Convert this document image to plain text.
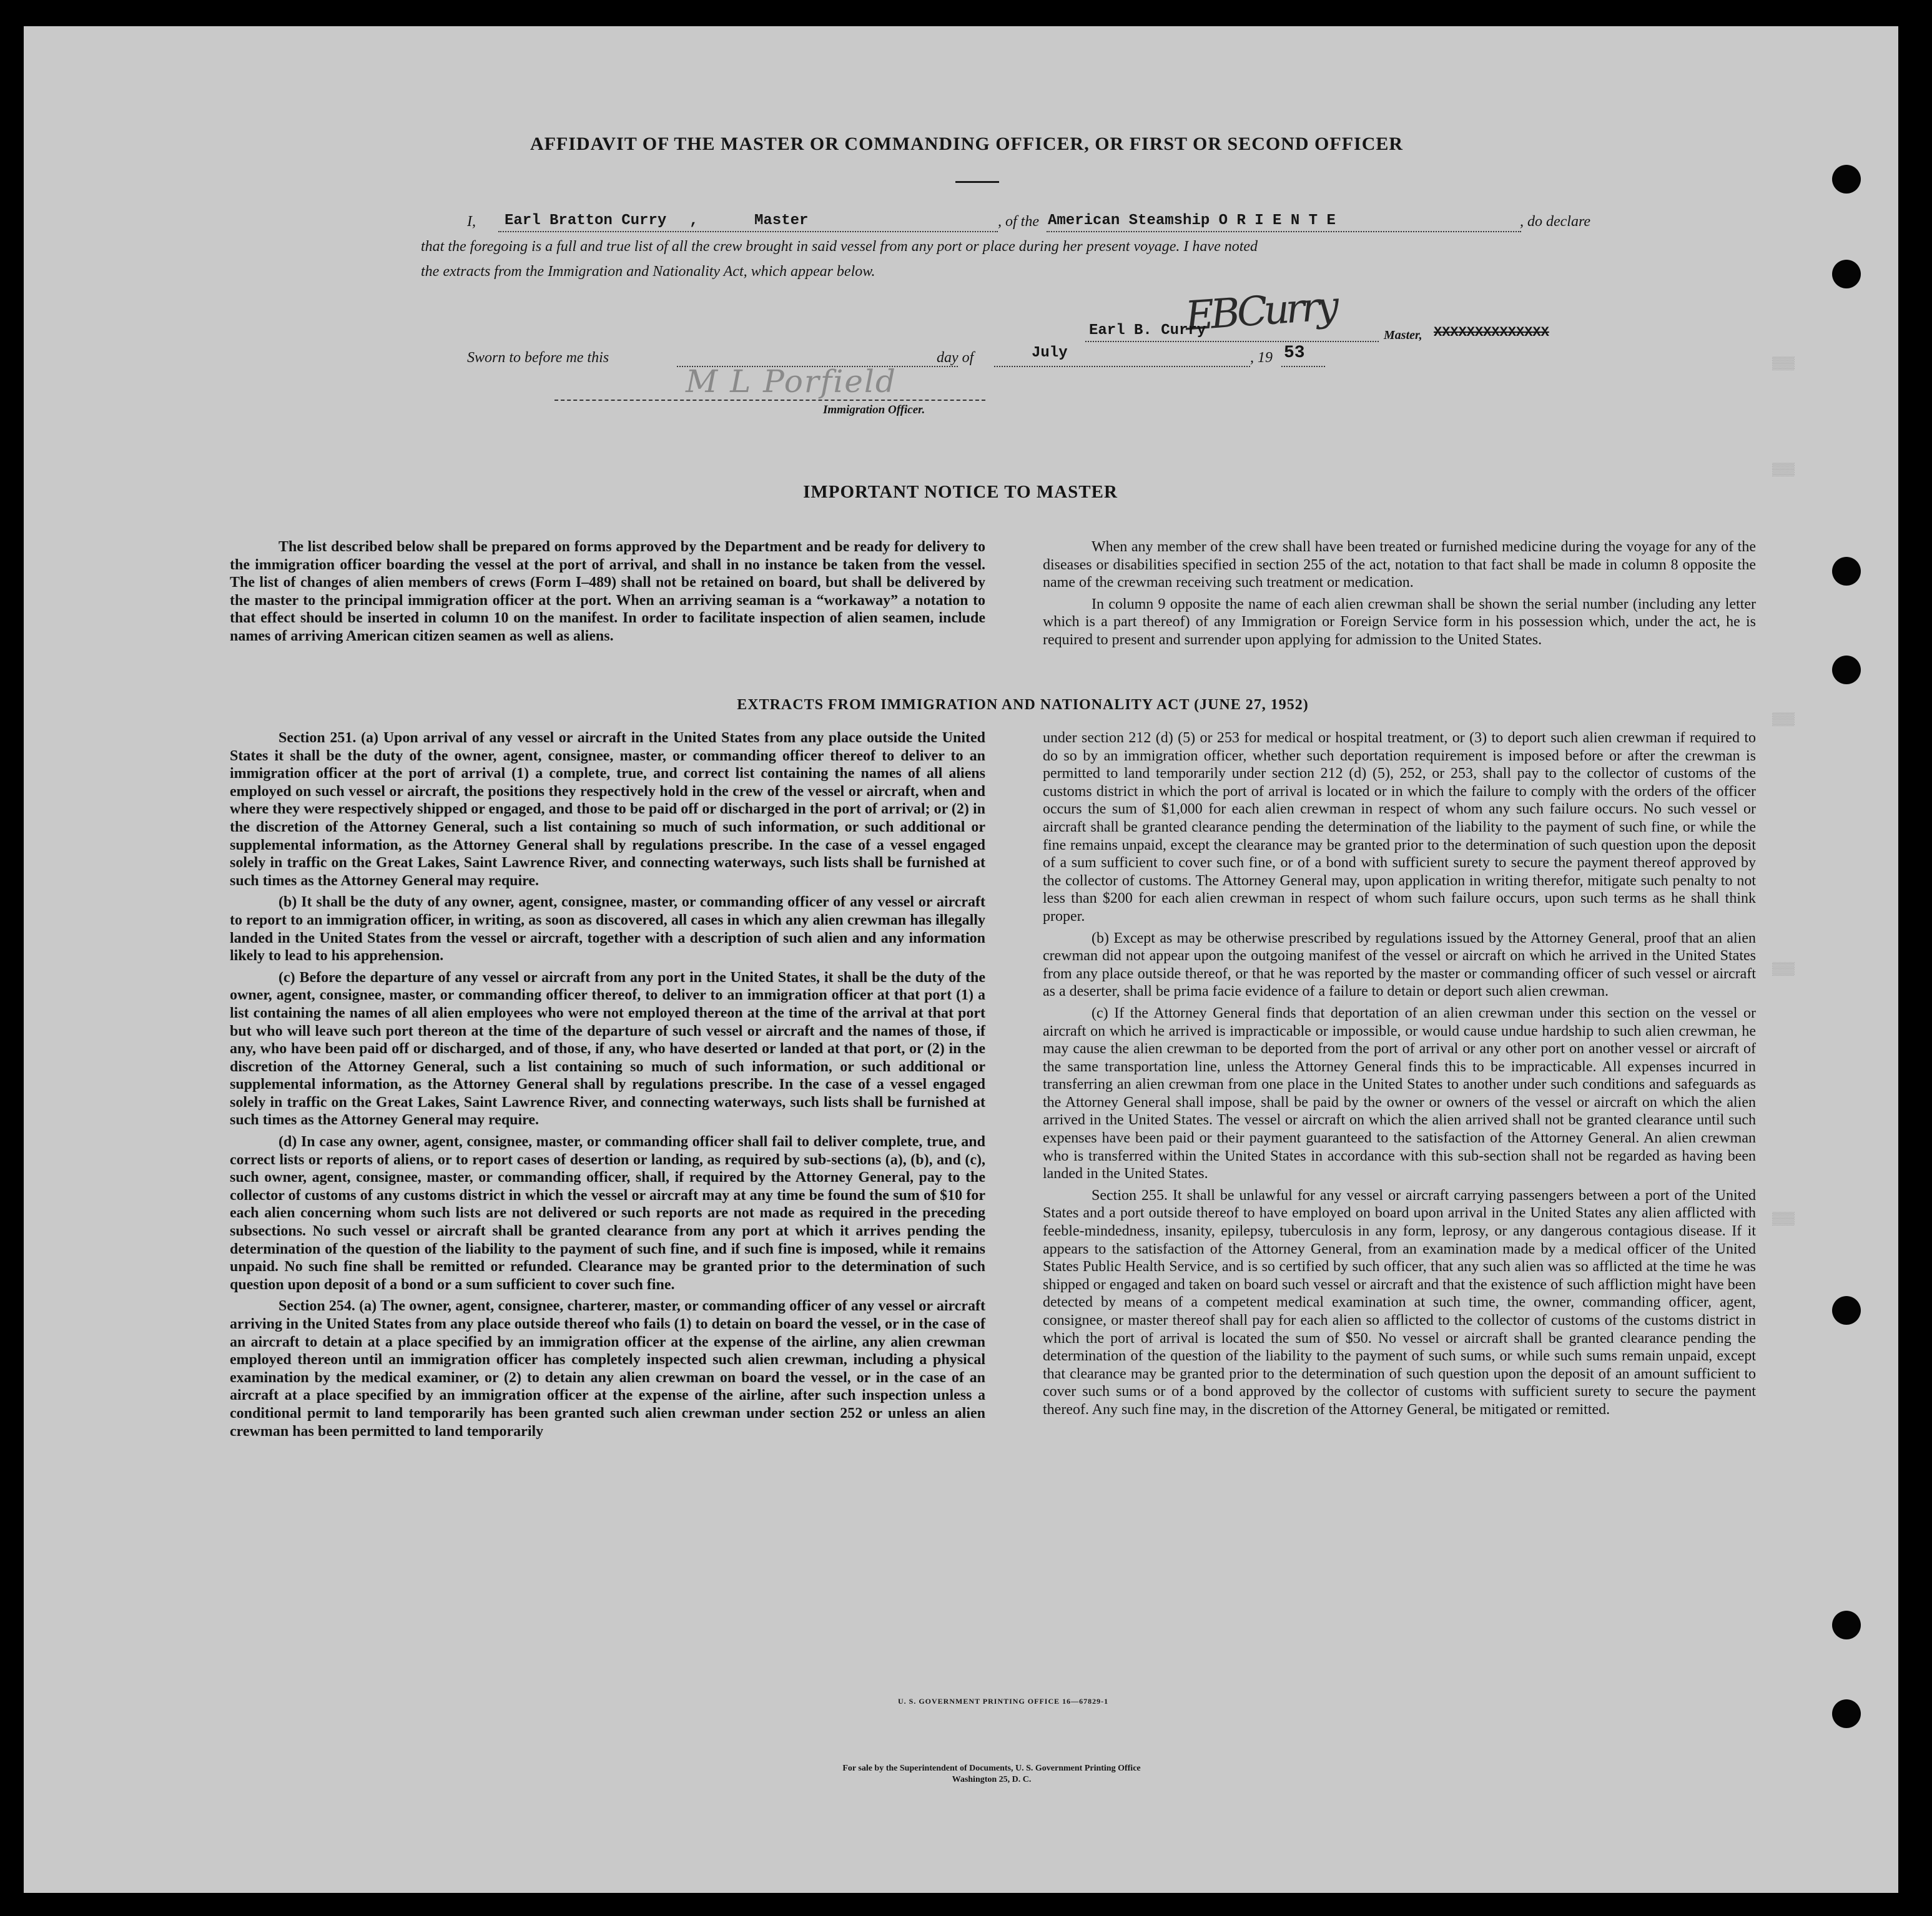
▒▒▒
▒▒▒
▒▒▒
▒▒▒
▒▒▒
AFFIDAVIT OF THE MASTER OR COMMANDING OFFICER, OR FIRST OR SECOND OFFICER
I, Earl Bratton Curry ,	Master	, of the American Steamship O R I E N T E	, do declare
that the foregoing is a full and true list of all the crew brought in said vessel from any port or place during her present voyage. I have noted
the extracts from the Immigration and Nationality Act, which appear below.
EBCurry
Earl B. Curry	Master, XXXXXXXXXXXXXX
Sworn to before me this	day of	July	, 19 53
M L Porfield
Immigration Officer.
IMPORTANT NOTICE TO MASTER

The list described below shall be prepared on forms approved by the Department and be ready for delivery to the immigration officer boarding the vessel at the port of arrival, and shall in no instance be taken from the vessel. The list of changes of alien members of crews (Form I–489) shall not be retained on board, but shall be delivered by the master to the principal immigration officer at the port. When an arriving seaman is a “workaway” a notation to that effect should be inserted in column 10 on the manifest. In order to facilitate inspection of alien seamen, include names of arriving American citizen seamen as well as aliens.

When any member of the crew shall have been treated or furnished medicine during the voyage for any of the diseases or disabilities specified in section 255 of the act, notation to that fact shall be made in column 8 opposite the name of the crewman receiving such treatment or medication.

In column 9 opposite the name of each alien crewman shall be shown the serial number (including any letter which is a part thereof) of any Immigration or Foreign Service form in his possession which, under the act, he is required to present and surrender upon applying for admission to the United States.

EXTRACTS FROM IMMIGRATION AND NATIONALITY ACT (JUNE 27, 1952)

Section 251. (a) Upon arrival of any vessel or aircraft in the United States from any place outside the United States it shall be the duty of the owner, agent, consignee, master, or commanding officer thereof to deliver to an immigration officer at the port of arrival (1) a complete, true, and correct list containing the names of all aliens employed on such vessel or aircraft, the positions they respectively hold in the crew of the vessel or aircraft, when and where they were respectively shipped or engaged, and those to be paid off or discharged in the port of arrival; or (2) in the discretion of the Attorney General, such a list containing so much of such information, or such additional or supplemental information, as the Attorney General shall by regulations prescribe. In the case of a vessel engaged solely in traffic on the Great Lakes, Saint Lawrence River, and connecting waterways, such lists shall be furnished at such times as the Attorney General may require.

(b) It shall be the duty of any owner, agent, consignee, master, or commanding officer of any vessel or aircraft to report to an immigration officer, in writing, as soon as discovered, all cases in which any alien crewman has illegally landed in the United States from the vessel or aircraft, together with a description of such alien and any information likely to lead to his apprehension.

(c) Before the departure of any vessel or aircraft from any port in the United States, it shall be the duty of the owner, agent, consignee, master, or commanding officer thereof, to deliver to an immigration officer at that port (1) a list containing the names of all alien employees who were not employed thereon at the time of the arrival at that port but who will leave such port thereon at the time of the departure of such vessel or aircraft and the names of those, if any, who have been paid off or discharged, and of those, if any, who have deserted or landed at that port, or (2) in the discretion of the Attorney General, such a list containing so much of such information, or such additional or supplemental information, as the Attorney General shall by regulations prescribe. In the case of a vessel engaged solely in traffic on the Great Lakes, Saint Lawrence River, and connecting waterways, such lists shall be furnished at such times as the Attorney General may require.

(d) In case any owner, agent, consignee, master, or commanding officer shall fail to deliver complete, true, and correct lists or reports of aliens, or to report cases of desertion or landing, as required by sub-sections (a), (b), and (c), such owner, agent, consignee, master, or commanding officer, shall, if required by the Attorney General, pay to the collector of customs of any customs district in which the vessel or aircraft may at any time be found the sum of $10 for each alien concerning whom such lists are not delivered or such reports are not made as required in the preceding subsections. No such vessel or aircraft shall be granted clearance from any port at which it arrives pending the determination of the question of the liability to the payment of such fine, and if such fine is imposed, while it remains unpaid. No such fine shall be remitted or refunded. Clearance may be granted prior to the determination of such question upon deposit of a bond or a sum sufficient to cover such fine.

Section 254. (a) The owner, agent, consignee, charterer, master, or commanding officer of any vessel or aircraft arriving in the United States from any place outside thereof who fails (1) to detain on board the vessel, or in the case of an aircraft to detain at a place specified by an immigration officer at the expense of the airline, any alien crewman employed thereon until an immigration officer has completely inspected such alien crewman, including a physical examination by the medical examiner, or (2) to detain any alien crewman on board the vessel, or in the case of an aircraft at a place specified by an immigration officer at the expense of the airline, after such inspection unless a conditional permit to land temporarily has been granted such alien crewman under section 252 or unless an alien crewman has been permitted to land temporarily

under section 212 (d) (5) or 253 for medical or hospital treatment, or (3) to deport such alien crewman if required to do so by an immigration officer, whether such deportation requirement is imposed before or after the crewman is permitted to land temporarily under section 212 (d) (5), 252, or 253, shall pay to the collector of customs of the customs district in which the port of arrival is located or in which the failure to comply with the orders of the officer occurs the sum of $1,000 for each alien crewman in respect of whom any such failure occurs. No such vessel or aircraft shall be granted clearance pending the determination of the liability to the payment of such fine, or while the fine remains unpaid, except the clearance may be granted prior to the determination of such question upon the deposit of a sum sufficient to cover such fine, or of a bond with sufficient surety to secure the payment thereof approved by the collector of customs. The Attorney General may, upon application in writing therefor, mitigate such penalty to not less than $200 for each alien crewman in respect of whom such failure occurs, upon such terms as he shall think proper.

(b) Except as may be otherwise prescribed by regulations issued by the Attorney General, proof that an alien crewman did not appear upon the outgoing manifest of the vessel or aircraft on which he arrived in the United States from any place outside thereof, or that he was reported by the master or commanding officer of such vessel or aircraft as a deserter, shall be prima facie evidence of a failure to detain or deport such alien crewman.

(c) If the Attorney General finds that deportation of an alien crewman under this section on the vessel or aircraft on which he arrived is impracticable or impossible, or would cause undue hardship to such alien crewman, he may cause the alien crewman to be deported from the port of arrival or any other port on another vessel or aircraft of the same transportation line, unless the Attorney General finds this to be impracticable. All expenses incurred in transferring an alien crewman from one place in the United States to another under such conditions and safeguards as the Attorney General shall impose, shall be paid by the owner or owners of the vessel or aircraft on which the alien arrived in the United States. The vessel or aircraft on which the alien arrived shall not be granted clearance until such expenses have been paid or their payment guaranteed to the satisfaction of the Attorney General. An alien crewman who is transferred within the United States in accordance with this sub-section shall not be regarded as having been landed in the United States.

Section 255. It shall be unlawful for any vessel or aircraft carrying passengers between a port of the United States and a port outside thereof to have employed on board upon arrival in the United States any alien afflicted with feeble-mindedness, insanity, epilepsy, tuberculosis in any form, leprosy, or any dangerous contagious disease. If it appears to the satisfaction of the Attorney General, from an examination made by a medical officer of the United States Public Health Service, and is so certified by such officer, that any such alien was so afflicted at the time he was shipped or engaged and taken on board such vessel or aircraft and that the existence of such affliction might have been detected by means of a competent medical examination at such time, the owner, commanding officer, agent, consignee, or master thereof shall pay for each alien so afflicted to the collector of customs of the customs district in which the port of arrival is located the sum of $50. No vessel or aircraft shall be granted clearance pending the determination of the question of the liability to the payment of such sums, or while such sums remain unpaid, except that clearance may be granted prior to the determination of such question upon the deposit of an amount sufficient to cover such sums or of a bond approved by the collector of customs with sufficient surety to secure the payment thereof. Any such fine may, in the discretion of the Attorney General, be mitigated or remitted.

U. S. GOVERNMENT PRINTING OFFICE 16—67829-1
For sale by the Superintendent of Documents, U. S. Government Printing Office
Washington 25, D. C.
